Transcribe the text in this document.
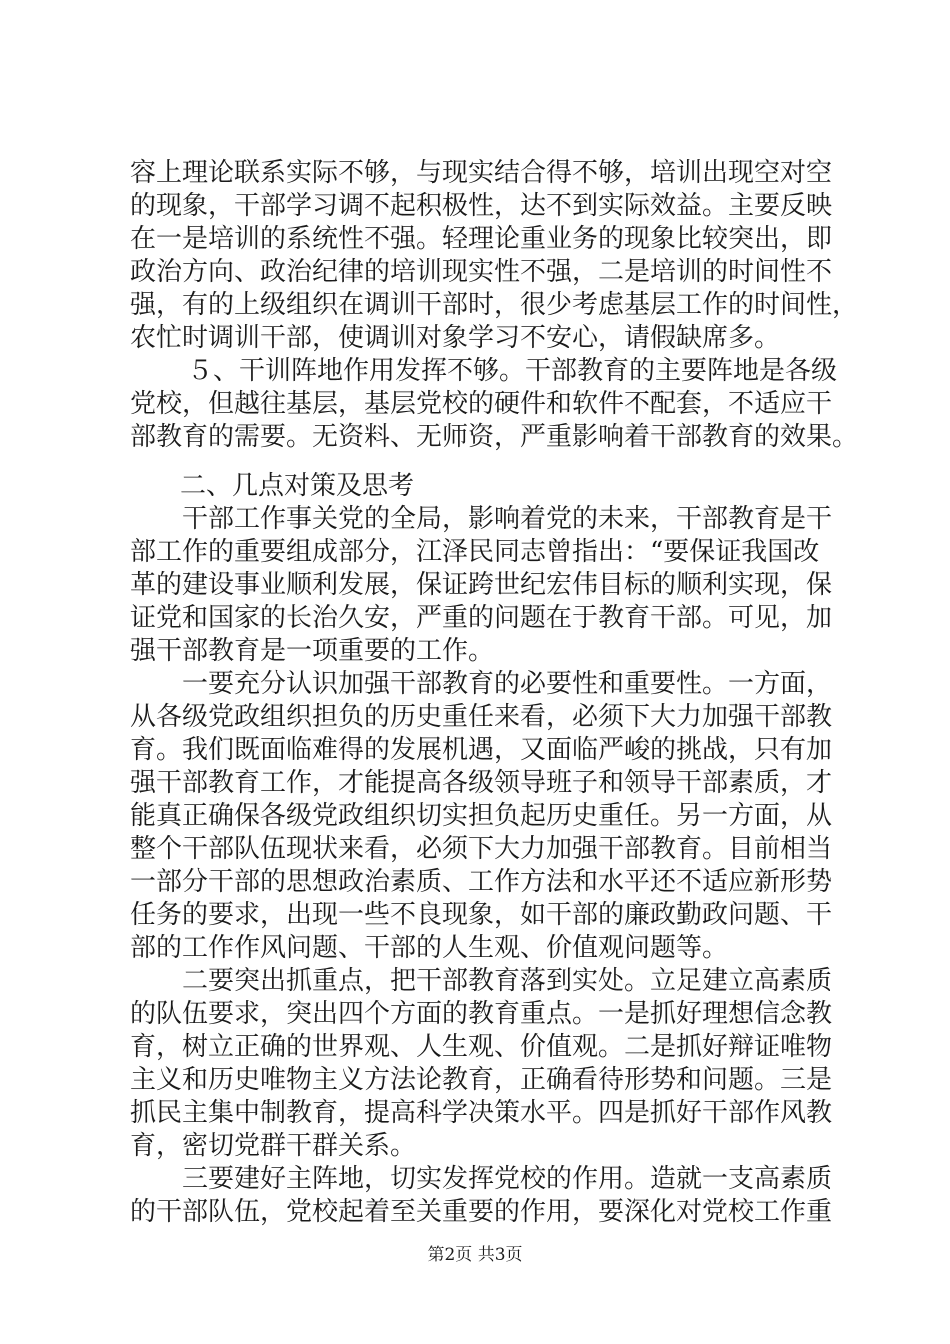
容上理论联系实际不够，与现实结合得不够，培训出现空对空
的现象，干部学习调不起积极性，达不到实际效益。主要反映
在一是培训的系统性不强。轻理论重业务的现象比较突出，即
政治方向、政治纪律的培训现实性不强，二是培训的时间性不
强，有的上级组织在调训干部时，很少考虑基层工作的时间性，
农忙时调训干部，使调训对象学习不安心，请假缺席多。
５、干训阵地作用发挥不够。干部教育的主要阵地是各级
党校，但越往基层，基层党校的硬件和软件不配套，不适应干
部教育的需要。无资料、无师资，严重影响着干部教育的效果。
二、几点对策及思考
干部工作事关党的全局，影响着党的未来，干部教育是干
部工作的重要组成部分，江泽民同志曾指出：“要保证我国改
革的建设事业顺利发展，保证跨世纪宏伟目标的顺利实现，保
证党和国家的长治久安，严重的问题在于教育干部。可见，加
强干部教育是一项重要的工作。
一要充分认识加强干部教育的必要性和重要性。一方面，
从各级党政组织担负的历史重任来看，必须下大力加强干部教
育。我们既面临难得的发展机遇，又面临严峻的挑战，只有加
强干部教育工作，才能提高各级领导班子和领导干部素质，才
能真正确保各级党政组织切实担负起历史重任。另一方面，从
整个干部队伍现状来看，必须下大力加强干部教育。目前相当
一部分干部的思想政治素质、工作方法和水平还不适应新形势
任务的要求，出现一些不良现象，如干部的廉政勤政问题、干
部的工作作风问题、干部的人生观、价值观问题等。
二要突出抓重点，把干部教育落到实处。立足建立高素质
的队伍要求，突出四个方面的教育重点。一是抓好理想信念教
育，树立正确的世界观、人生观、价值观。二是抓好辩证唯物
主义和历史唯物主义方法论教育，正确看待形势和问题。三是
抓民主集中制教育，提高科学决策水平。四是抓好干部作风教
育，密切党群干群关系。
三要建好主阵地，切实发挥党校的作用。造就一支高素质
的干部队伍，党校起着至关重要的作用，要深化对党校工作重
第2页 共3页
